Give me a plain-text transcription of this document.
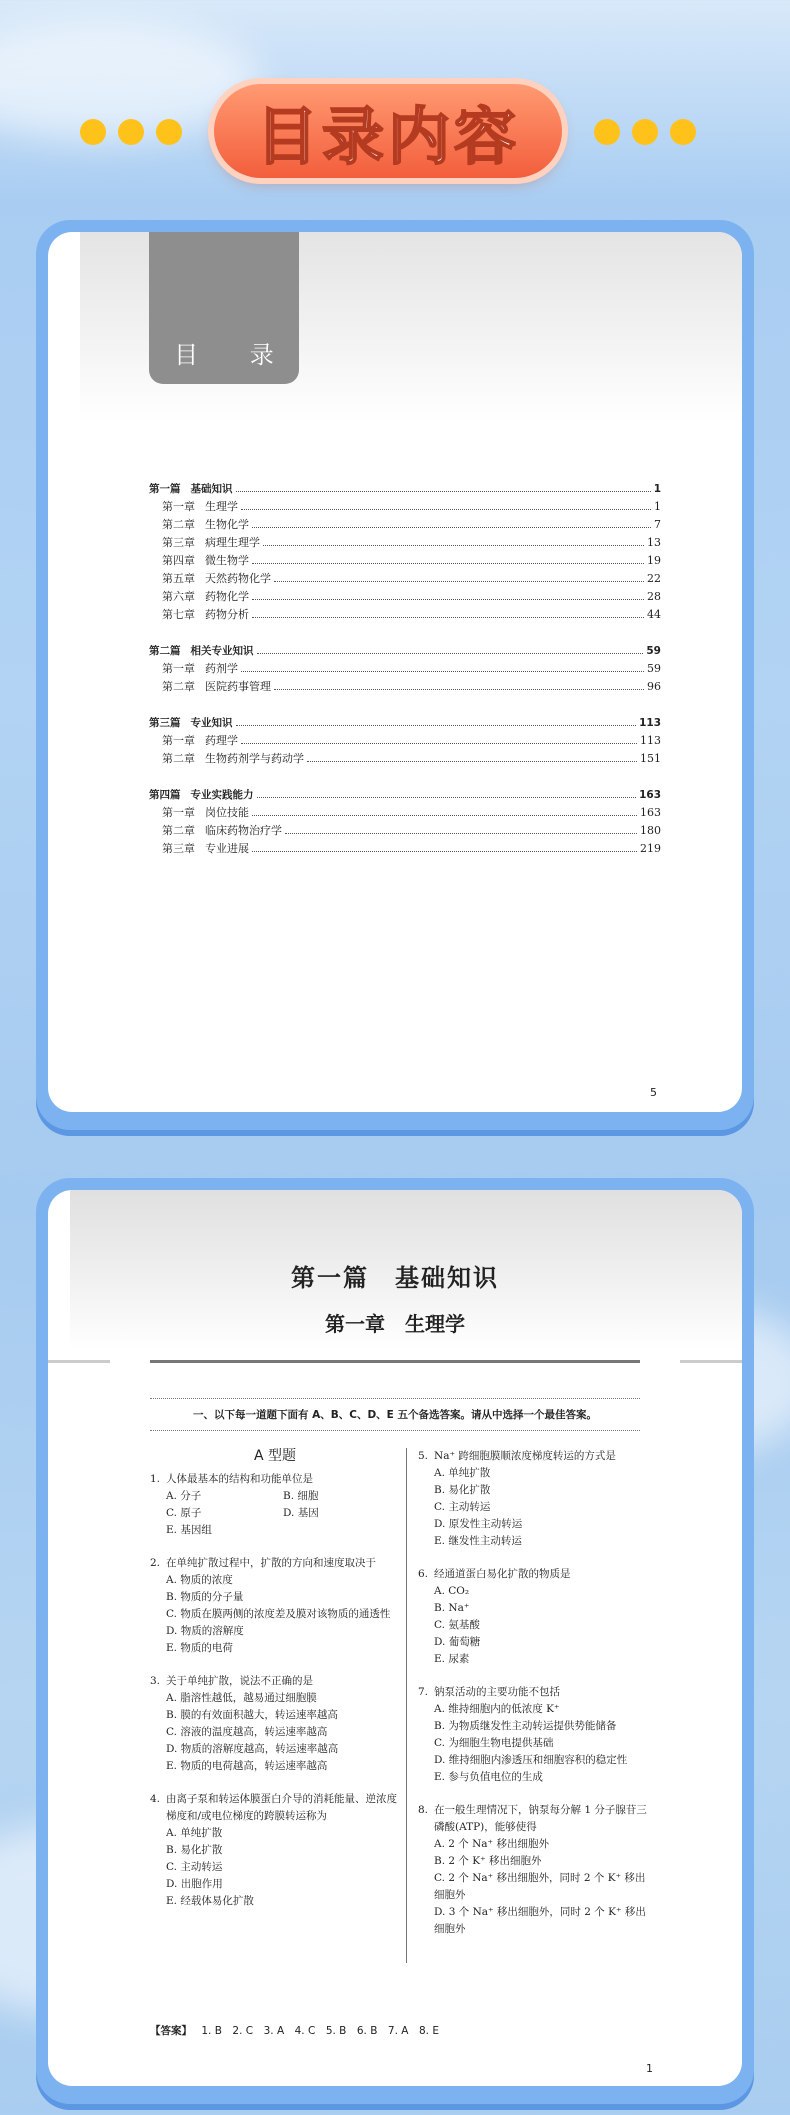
目录内容
目 录
第一篇 基础知识	1
第一章 生理学	1
第二章 生物化学	7
第三章 病理生理学	13
第四章 微生物学	19
第五章 天然药物化学	22
第六章 药物化学	28
第七章 药物分析	44
第二篇 相关专业知识	59
第一章 药剂学	59
第二章 医院药事管理	96
第三篇 专业知识	113
第一章 药理学	113
第二章 生物药剂学与药动学	151
第四篇 专业实践能力	163
第一章 岗位技能	163
第二章 临床药物治疗学	180
第三章 专业进展	219
5
第一篇　基础知识
第一章　生理学
一、以下每一道题下面有 A、B、C、D、E 五个备选答案。请从中选择一个最佳答案。
A 型题
1. 人体最基本的结构和功能单位是
A. 分子	B. 细胞
C. 原子	D. 基因
E. 基因组
2. 在单纯扩散过程中，扩散的方向和速度取决于
A. 物质的浓度
B. 物质的分子量
C. 物质在膜两侧的浓度差及膜对该物质的通透性
D. 物质的溶解度
E. 物质的电荷
3. 关于单纯扩散，说法不正确的是
A. 脂溶性越低，越易通过细胞膜
B. 膜的有效面积越大，转运速率越高
C. 溶液的温度越高，转运速率越高
D. 物质的溶解度越高，转运速率越高
E. 物质的电荷越高，转运速率越高
4. 由离子泵和转运体膜蛋白介导的消耗能量、逆浓度梯度和/或电位梯度的跨膜转运称为
A. 单纯扩散
B. 易化扩散
C. 主动转运
D. 出胞作用
E. 经载体易化扩散
5. Na⁺ 跨细胞膜顺浓度梯度转运的方式是
A. 单纯扩散
B. 易化扩散
C. 主动转运
D. 原发性主动转运
E. 继发性主动转运
6. 经通道蛋白易化扩散的物质是
A. CO₂
B. Na⁺
C. 氨基酸
D. 葡萄糖
E. 尿素
7. 钠泵活动的主要功能不包括
A. 维持细胞内的低浓度 K⁺
B. 为物质继发性主动转运提供势能储备
C. 为细胞生物电提供基础
D. 维持细胞内渗透压和细胞容积的稳定性
E. 参与负值电位的生成
8. 在一般生理情况下，钠泵每分解 1 分子腺苷三磷酸(ATP)，能够使得
A. 2 个 Na⁺ 移出细胞外
B. 2 个 K⁺ 移出细胞外
C. 2 个 Na⁺ 移出细胞外，同时 2 个 K⁺ 移出细胞外
D. 3 个 Na⁺ 移出细胞外，同时 2 个 K⁺ 移出细胞外
【答案】 1. B　2. C　3. A　4. C　5. B　6. B　7. A　8. E
1
